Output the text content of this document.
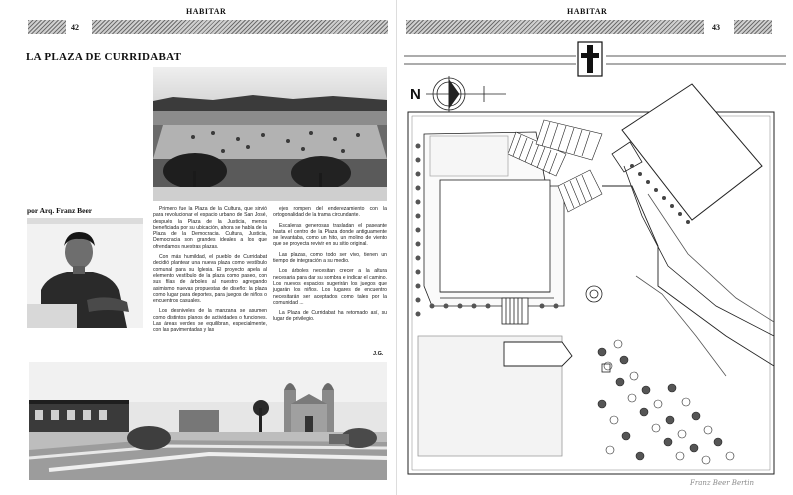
42
HABITAR
LA PLAZA DE CURRIDABAT
por Arq. Franz Beer	Primero fue la Plaza de la Cultura, que sirvió para revolucionar el espacio urbano de San José, después la Plaza de la Justicia, menos beneficiada por su ubicación, ahora se habla de la Plaza de la Democracia. Cultura, Justicia, Democracia son grandes ideales a los que ofrendamos nuestras plazas.

Con más humildad, el pueblo de Curridabat decidió plantear una nueva plaza como vestíbulo comunal para su Iglesia. El proyecto apela al elemento vestíbulo de la plaza como paseo, con sus filas de árboles al nuestro agregando asimismo nuevas propuestas de diseño: la plaza como lugar para deportes, para juegos de niños o encuentros casuales.

Los desniveles de la manzana se asumen como distintos planos de actividades o funciones. Las áreas verdes se equilibran, especialmente, con las pavimentadas y las

ejes rompen del enderezamiento con la ortogonalidad de la trama circundante.

Escaleras generosas trasladan el paseante hasta el centro de la Plaza donde antiguamente se levantaba, como un hito, un molino de viento que se proyecta revivir en su sitio original.

Las plazas, como todo ser vivo, tienen un tiempo de integración a su medio.

Los árboles necesitan crecer a la altura necesaria para dar su sombra e indicar el camino. Los nuevos espacios sugerirán los juegos que jugarán los niños. Los lugares de encuentro necesitarán ser aceptados como tales por la comunidad ...

La Plaza de Curridabat ha retomado así, su lugar de privilegio.

J.G.
HABITAR
43
N
Franz Beer Bertin
